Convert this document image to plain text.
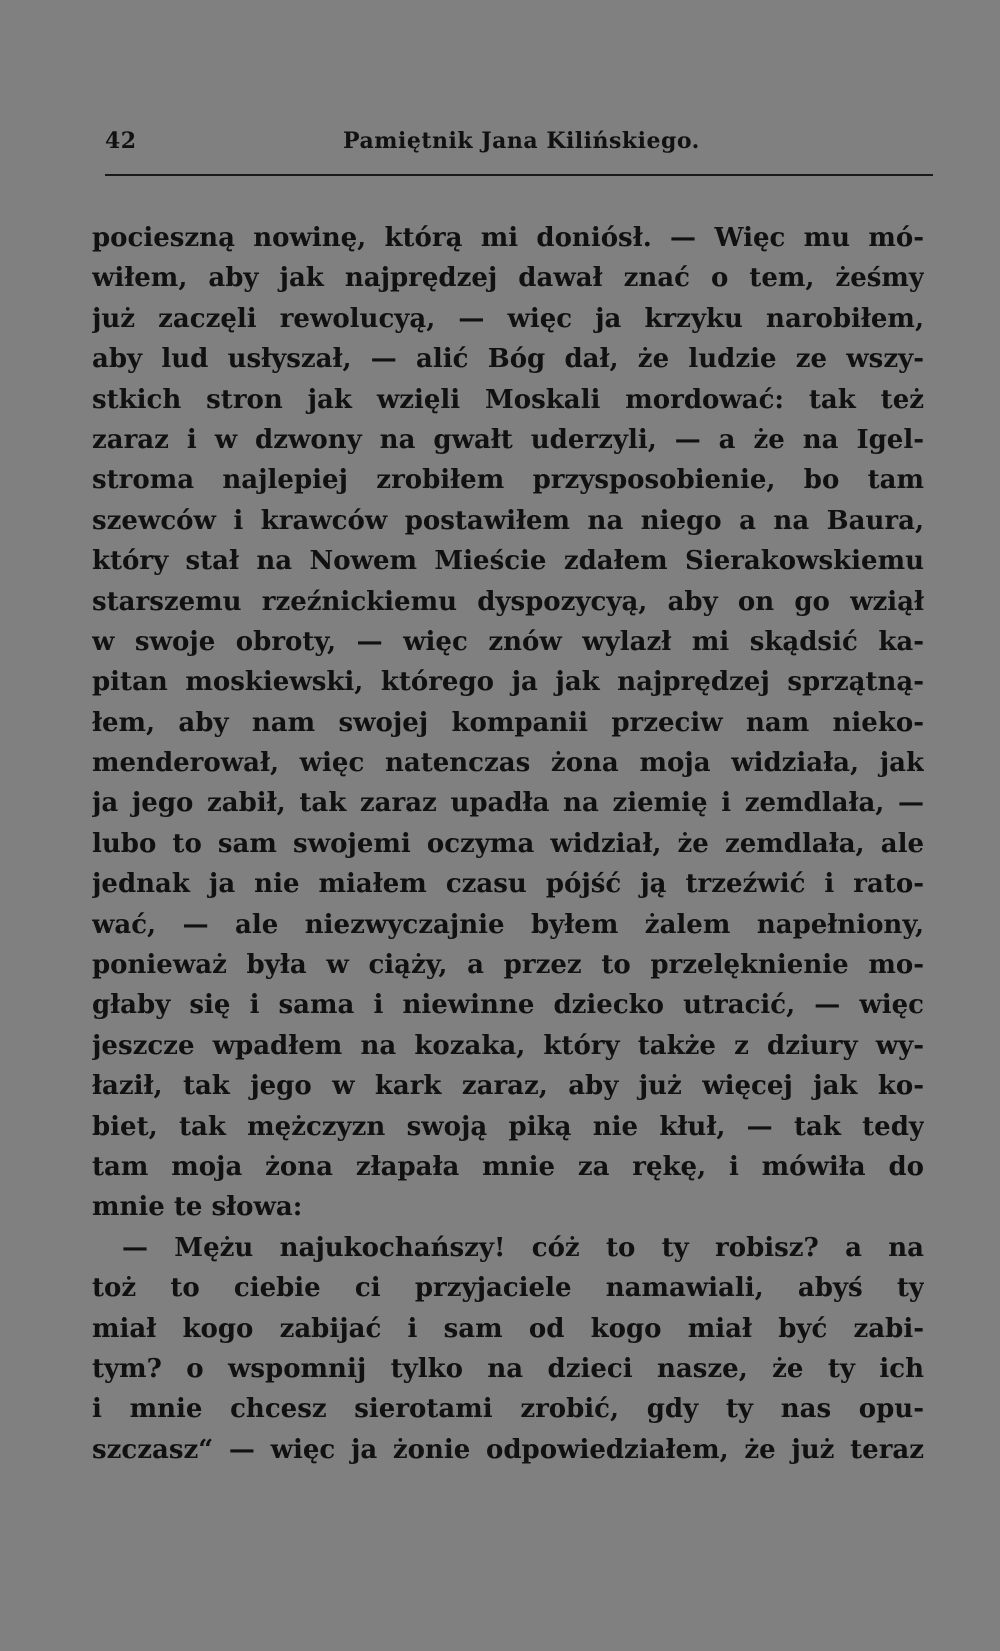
42	Pamiętnik Jana Kilińskiego.
pocieszną nowinę, którą mi doniósł. — Więc mu mó-
wiłem, aby jak najprędzej dawał znać o tem, żeśmy
już zaczęli rewolucyą, — więc ja krzyku narobiłem,
aby lud usłyszał, — alić Bóg dał, że ludzie ze wszy-
stkich stron jak wzięli Moskali mordować: tak też
zaraz i w dzwony na gwałt uderzyli, — a że na Igel-
stroma najlepiej zrobiłem przysposobienie, bo tam
szewców i krawców postawiłem na niego a na Baura,
który stał na Nowem Mieście zdałem Sierakowskiemu
starszemu rzeźnickiemu dyspozycyą, aby on go wziął
w swoje obroty, — więc znów wylazł mi skądsić ka-
pitan moskiewski, którego ja jak najprędzej sprzątną-
łem, aby nam swojej kompanii przeciw nam nieko-
menderował, więc natenczas żona moja widziała, jak
ja jego zabił, tak zaraz upadła na ziemię i zemdlała, —
lubo to sam swojemi oczyma widział, że zemdlała, ale
jednak ja nie miałem czasu pójść ją trzeźwić i rato-
wać, — ale niezwyczajnie byłem żalem napełniony,
ponieważ była w ciąży, a przez to przelęknienie mo-
głaby się i sama i niewinne dziecko utracić, — więc
jeszcze wpadłem na kozaka, który także z dziury wy-
łaził, tak jego w kark zaraz, aby już więcej jak ko-
biet, tak mężczyzn swoją piką nie kłuł, — tak tedy
tam moja żona złapała mnie za rękę, i mówiła do
mnie te słowa:
— Mężu najukochańszy! cóż to ty robisz? a na
toż to ciebie ci przyjaciele namawiali, abyś ty
miał kogo zabijać i sam od kogo miał być zabi-
tym? o wspomnij tylko na dzieci nasze, że ty ich
i mnie chcesz sierotami zrobić, gdy ty nas opu-
szczasz“ — więc ja żonie odpowiedziałem, że już teraz
